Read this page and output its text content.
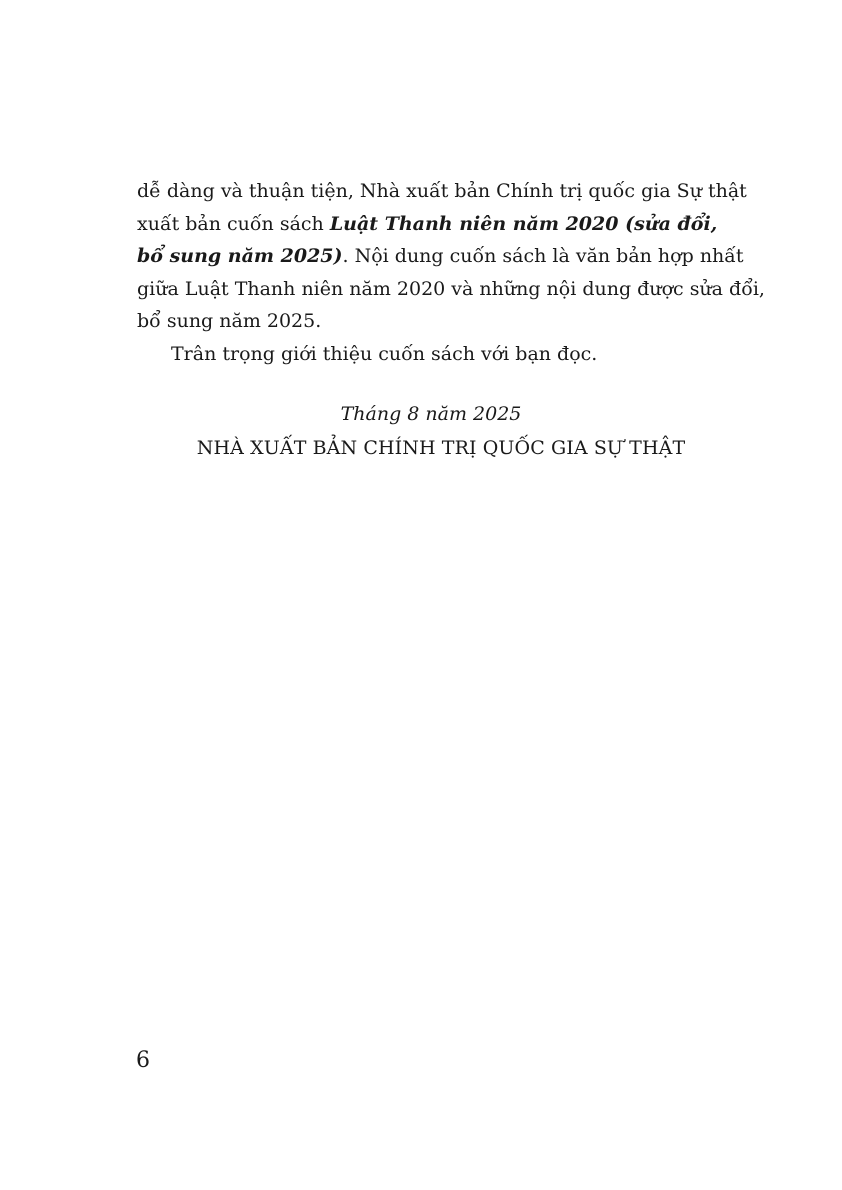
dễ dàng và thuận tiện, Nhà xuất bản Chính trị quốc gia Sự thật
xuất bản cuốn sách Luật Thanh niên năm 2020 (sửa đổi,
bổ sung năm 2025). Nội dung cuốn sách là văn bản hợp nhất
giữa Luật Thanh niên năm 2020 và những nội dung được sửa đổi,
bổ sung năm 2025.

Trân trọng giới thiệu cuốn sách với bạn đọc.

Tháng 8 năm 2025
NHÀ XUẤT BẢN CHÍNH TRỊ QUỐC GIA SỰ THẬT
6
